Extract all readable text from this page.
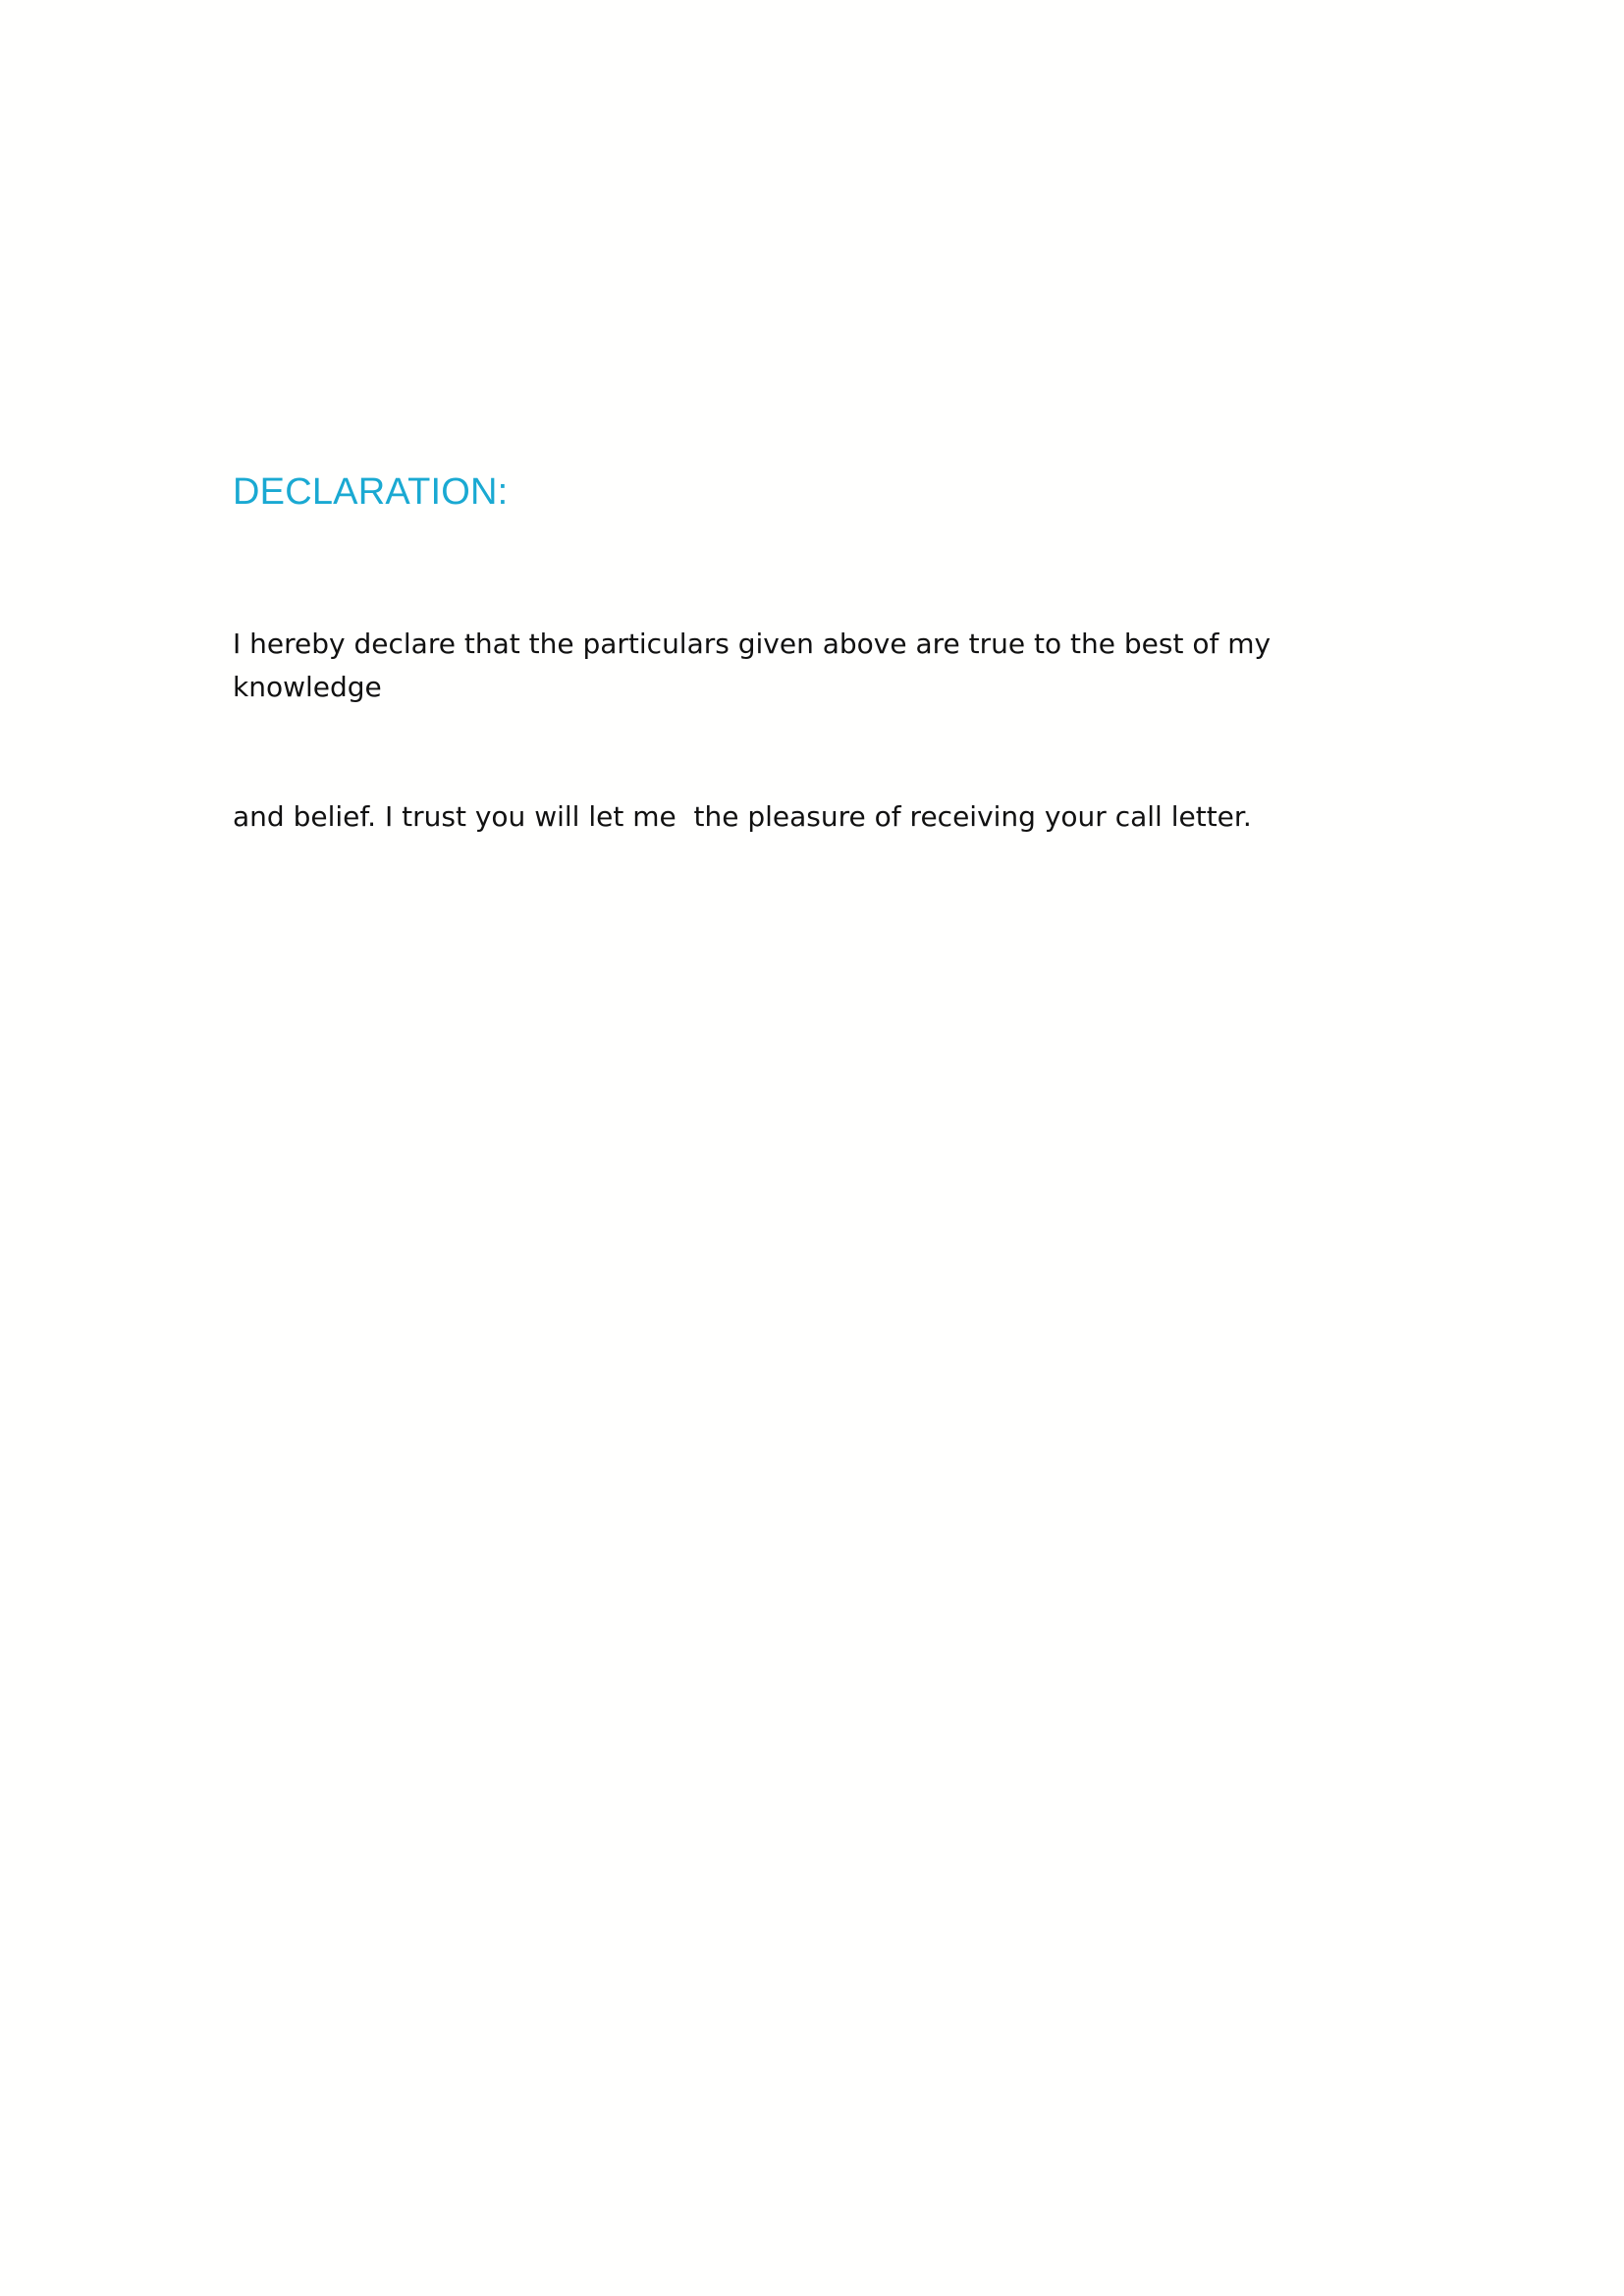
DECLARATION:

I hereby declare that the particulars given above are true to the best of my knowledge

and belief. I trust you will let me  the pleasure of receiving your call letter.
